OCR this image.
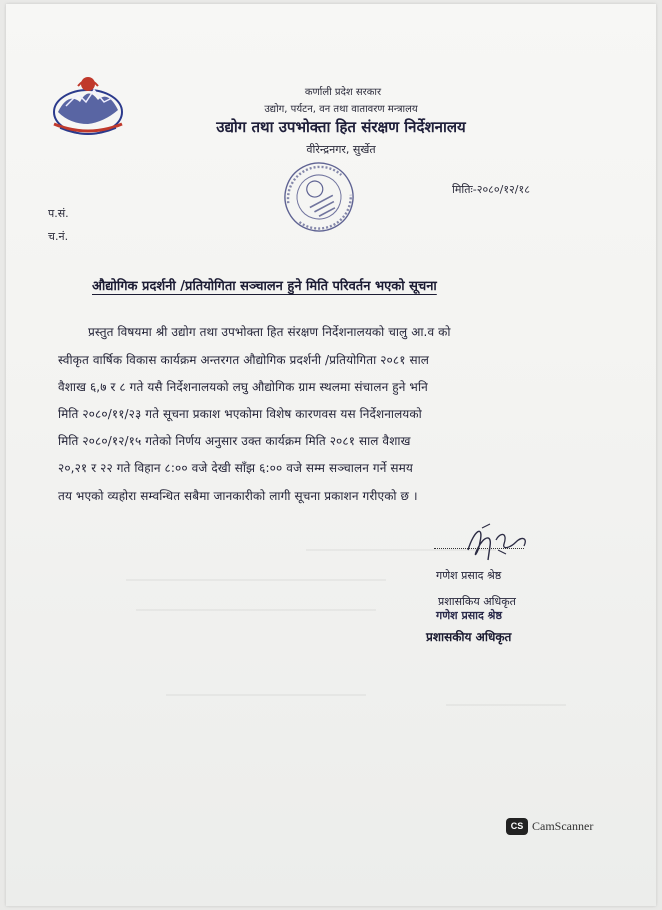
कर्णाली प्रदेश सरकार
उद्योग, पर्यटन, वन तथा वातावरण मन्त्रालय
उद्योग तथा उपभोक्ता हित संरक्षण निर्देशनालय
वीरेन्द्रनगर, सुर्खेत
मितिः-२०८०/१२/१८
प.सं.
च.नं.
औद्योगिक प्रदर्शनी /प्रतियोगिता सञ्चालन हुने मिति परिवर्तन भएको सूचना
प्रस्तुत विषयमा श्री उद्योग तथा उपभोक्ता हित संरक्षण निर्देशनालयको चालु आ.व को
स्वीकृत वार्षिक विकास कार्यक्रम अन्तरगत औद्योगिक प्रदर्शनी /प्रतियोगिता २०८१ साल
वैशाख ६,७ र ८ गते यसै निर्देशनालयको लघु औद्योगिक ग्राम स्थलमा संचालन हुने भनि
मिति २०८०/११/२३ गते सूचना प्रकाश भएकोमा विशेष कारणवस यस निर्देशनालयको
मिति २०८०/१२/१५ गतेको निर्णय अनुसार उक्त कार्यक्रम मिति २०८१ साल वैशाख
२०,२१ र २२ गते विहान ८:०० वजे देखी साँझ ६:०० वजे सम्म सञ्चालन गर्ने समय
तय भएको व्यहोरा सम्वन्धित सबैमा जानकारीको लागी सूचना प्रकाशन गरीएको छ ।
गणेश प्रसाद श्रेष्ठ
प्रशासकिय अधिकृत
गणेश प्रसाद श्रेष्ठ
प्रशासकीय अधिकृत
CS CamScanner
